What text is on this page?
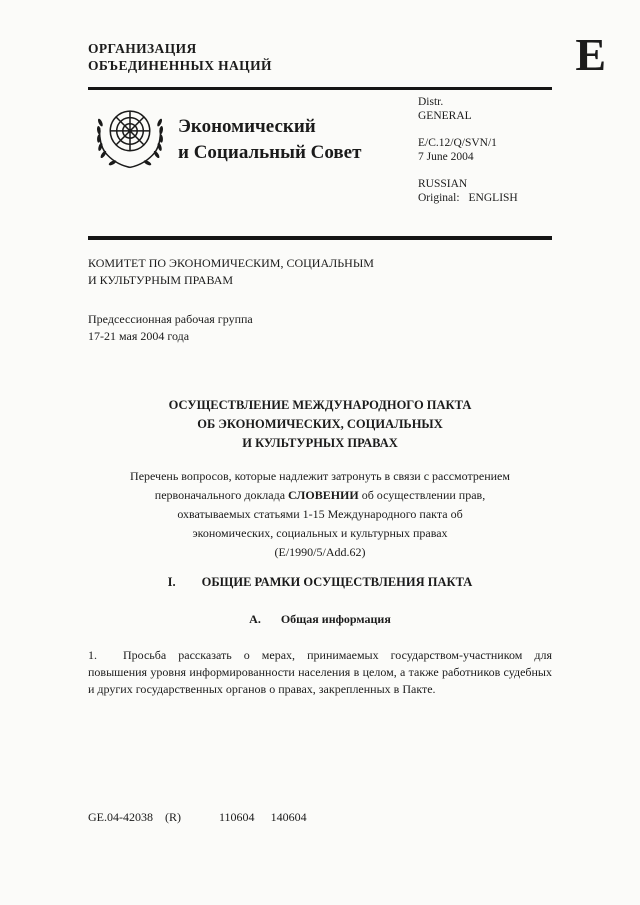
ОРГАНИЗАЦИЯ
ОБЪЕДИНЕННЫХ НАЦИЙ	E
Экономический
и Социальный Совет
Distr.
GENERAL
E/C.12/Q/SVN/1
7 June 2004
RUSSIAN
Original: ENGLISH
КОМИТЕТ ПО ЭКОНОМИЧЕСКИМ, СОЦИАЛЬНЫМ
И КУЛЬТУРНЫМ ПРАВАМ
Предсессионная рабочая группа
17-21 мая 2004 года
ОСУЩЕСТВЛЕНИЕ МЕЖДУНАРОДНОГО ПАКТА
ОБ ЭКОНОМИЧЕСКИХ, СОЦИАЛЬНЫХ
И КУЛЬТУРНЫХ ПРАВАХ
Перечень вопросов, которые надлежит затронуть в связи с рассмотрением
первоначального доклада СЛОВЕНИИ об осуществлении прав,
охватываемых статьями 1-15 Международного пакта об
экономических, социальных и культурных правах
(E/1990/5/Add.62)
I. ОБЩИЕ РАМКИ ОСУЩЕСТВЛЕНИЯ ПАКТА
A. Общая информация

1. Просьба рассказать о мерах, принимаемых государством-участником для повышения уровня информированности населения в целом, а также работников судебных и других государственных органов о правах, закрепленных в Пакте.

GE.04-42038 (R)	110604 140604
